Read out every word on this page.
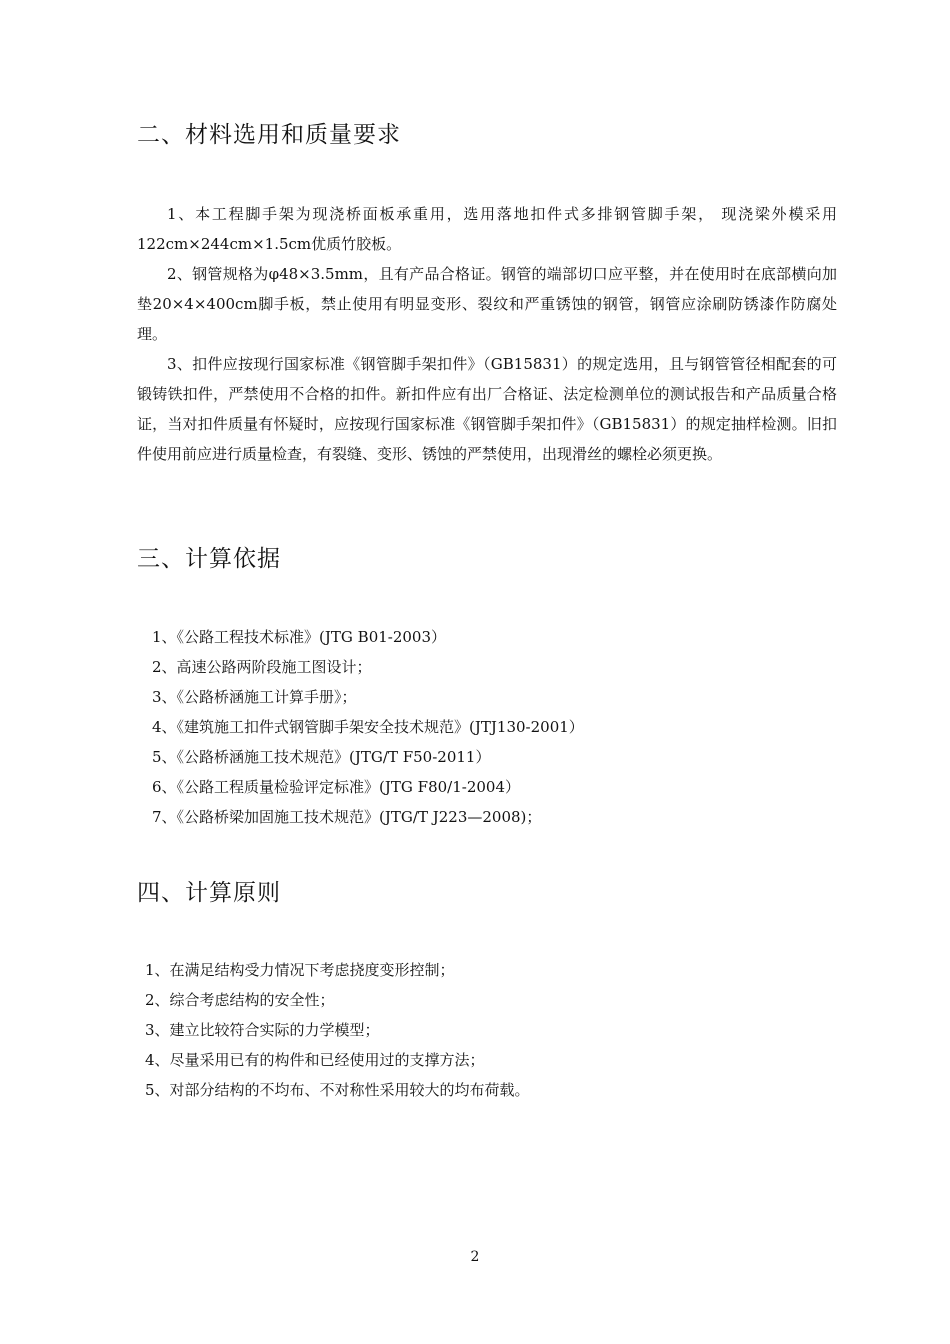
二、材料选用和质量要求

1、本工程脚手架为现浇桥面板承重用，选用落地扣件式多排钢管脚手架， 现浇梁外模采用122cm×244cm×1.5cm优质竹胶板。

2、钢管规格为φ48×3.5mm，且有产品合格证。钢管的端部切口应平整，并在使用时在底部横向加垫20×4×400cm脚手板，禁止使用有明显变形、裂纹和严重锈蚀的钢管，钢管应涂刷防锈漆作防腐处理。

3、扣件应按现行国家标准《钢管脚手架扣件》（GB15831）的规定选用，且与钢管管径相配套的可锻铸铁扣件，严禁使用不合格的扣件。新扣件应有出厂合格证、法定检测单位的测试报告和产品质量合格证，当对扣件质量有怀疑时，应按现行国家标准《钢管脚手架扣件》（GB15831）的规定抽样检测。旧扣件使用前应进行质量检查，有裂缝、变形、锈蚀的严禁使用，出现滑丝的螺栓必须更换。

三、计算依据
1、《公路工程技术标准》(JTG B01-2003）
2、高速公路两阶段施工图设计；
3、《公路桥涵施工计算手册》；
4、《建筑施工扣件式钢管脚手架安全技术规范》(JTJ130-2001）
5、《公路桥涵施工技术规范》(JTG/T F50-2011）
6、《公路工程质量检验评定标准》(JTG F80/1-2004）
7、《公路桥梁加固施工技术规范》(JTG/T J223—2008)；
四、计算原则
1、在满足结构受力情况下考虑挠度变形控制；
2、综合考虑结构的安全性；
3、建立比较符合实际的力学模型；
4、尽量采用已有的构件和已经使用过的支撑方法；
5、对部分结构的不均布、不对称性采用较大的均布荷载。

2
